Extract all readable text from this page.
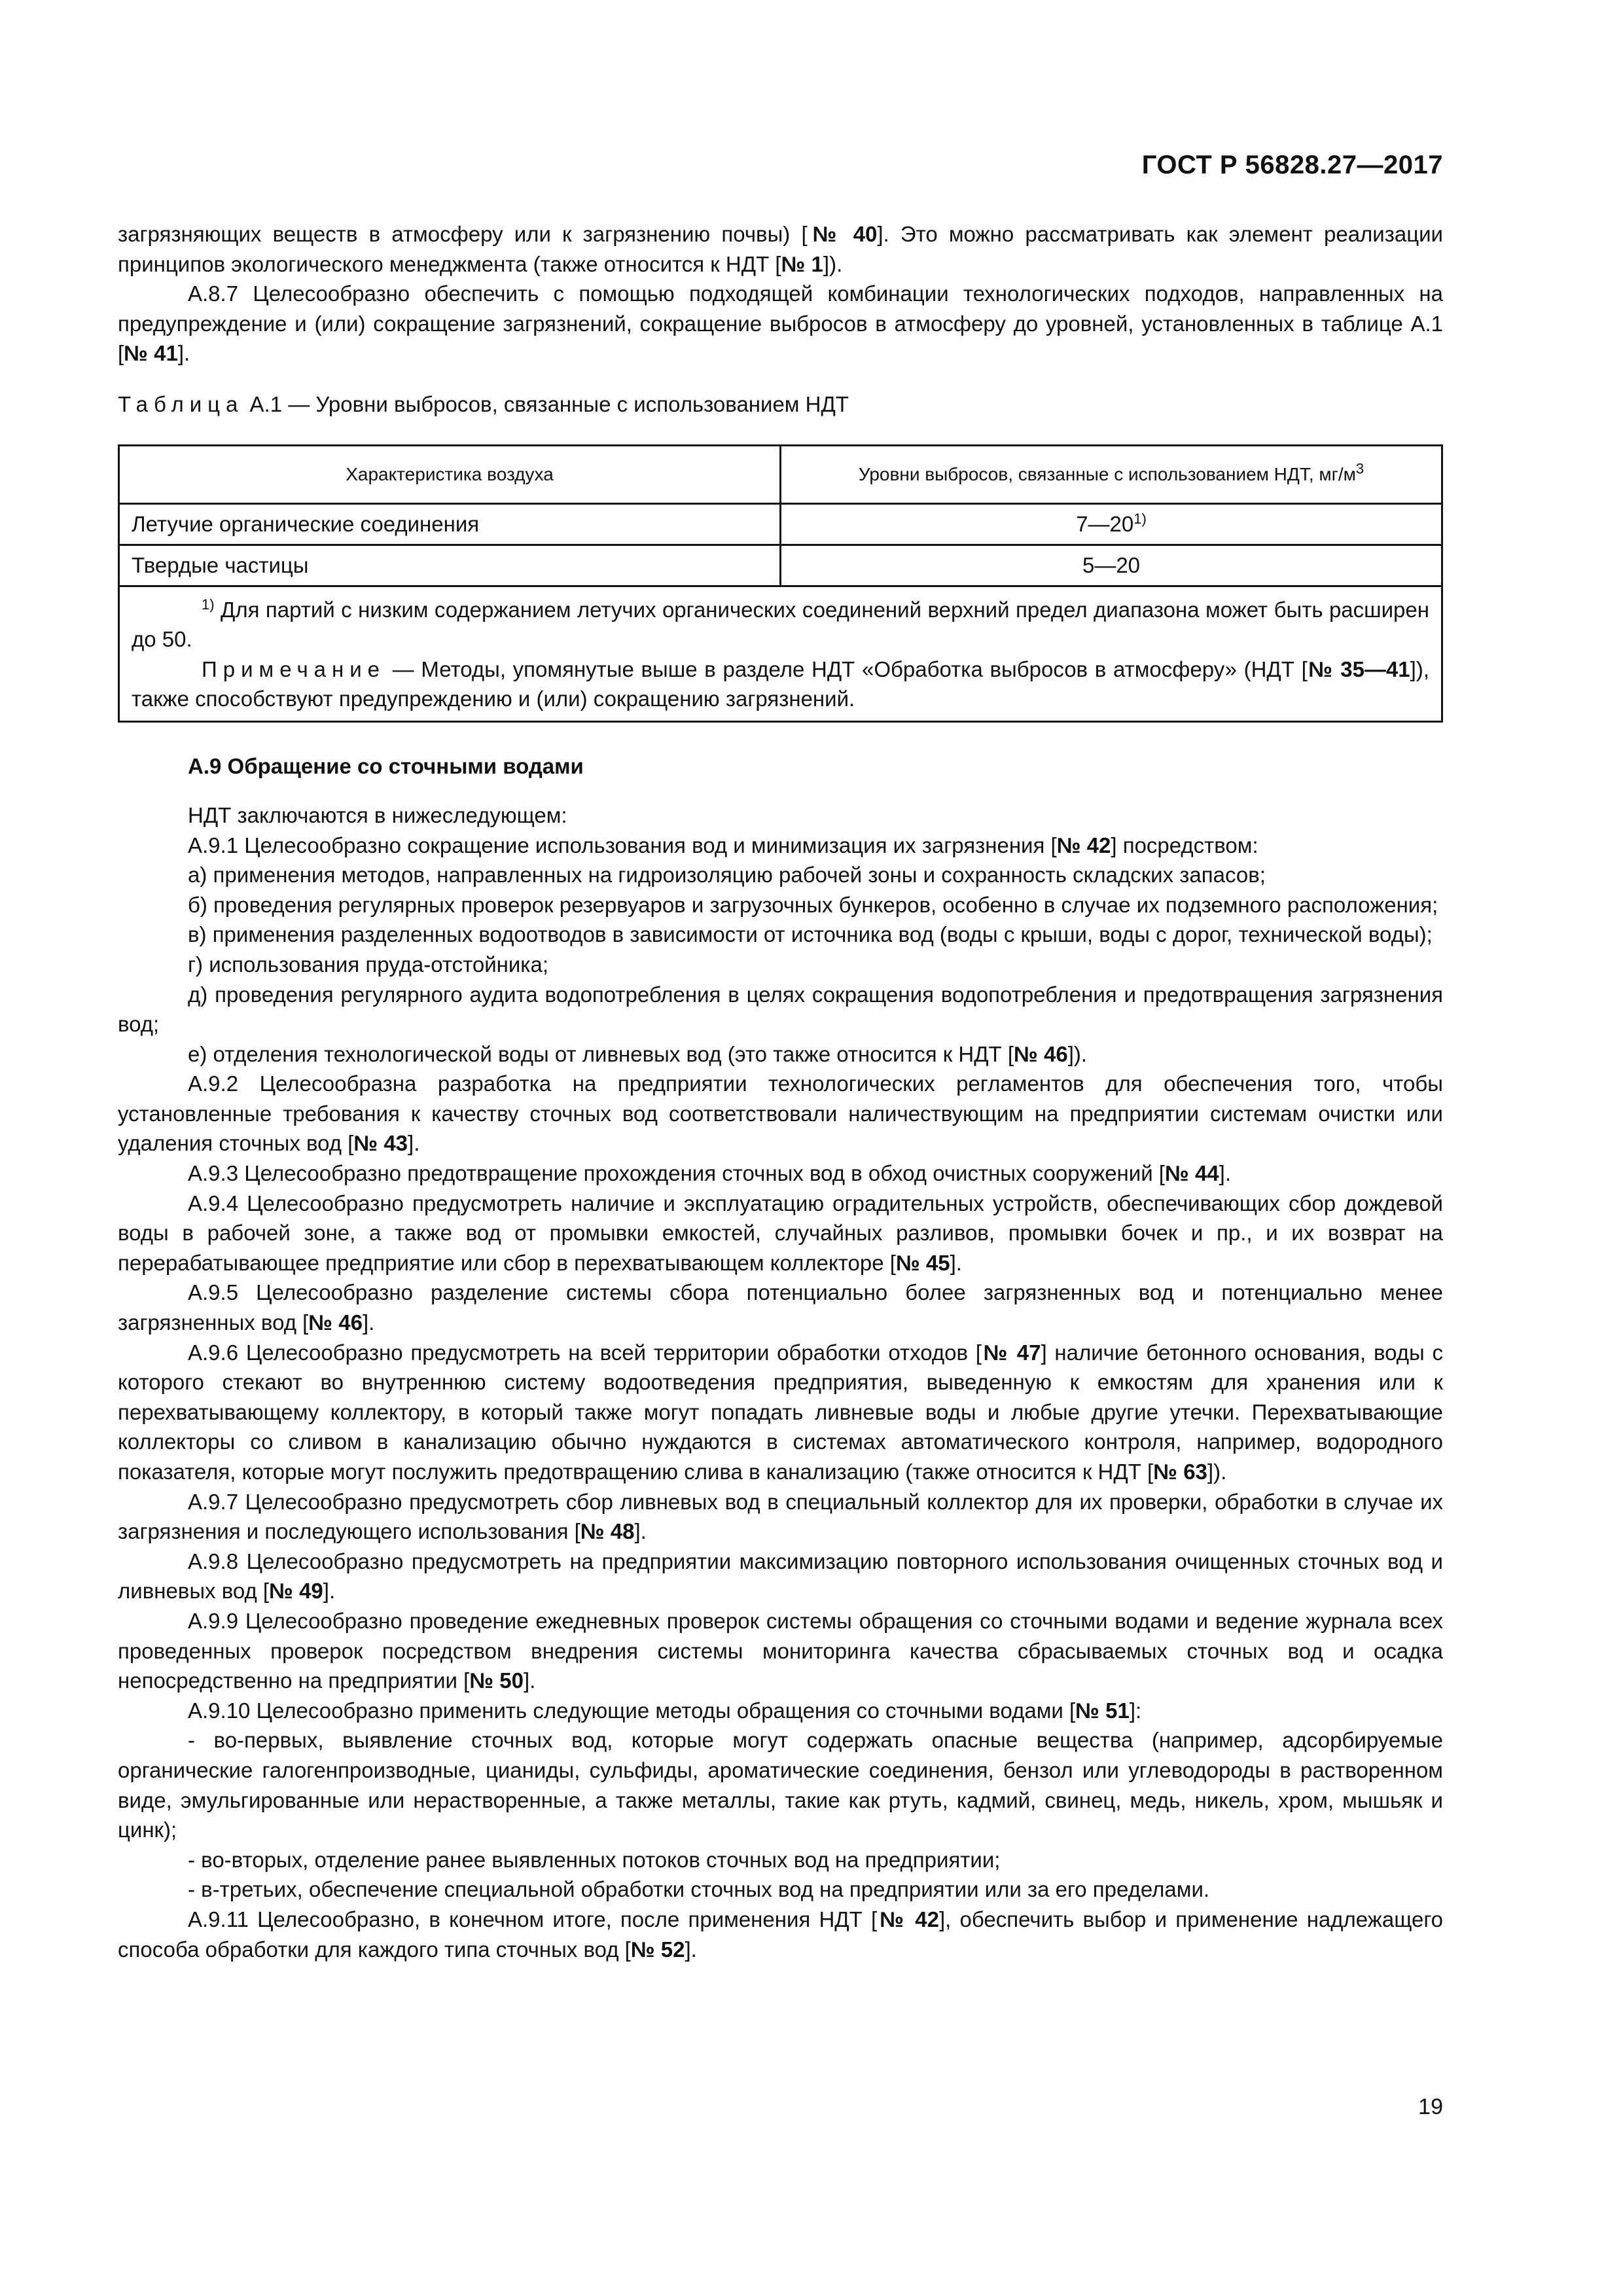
ГОСТ Р 56828.27—2017

загрязняющих веществ в атмосферу или к загрязнению почвы) [№ 40]. Это можно рассматривать как элемент реализации принципов экологического менеджмента (также относится к НДТ [№ 1]).

А.8.7 Целесообразно обеспечить с помощью подходящей комбинации технологических подходов, направленных на предупреждение и (или) сокращение загрязнений, сокращение выбросов в атмосферу до уровней, установленных в таблице А.1 [№ 41].

Таблица А.1 — Уровни выбросов, связанные с использованием НДТ

Характеристика воздуха	Уровни выбросов, связанные с использованием НДТ, $мг/м^3$
Летучие органические соединения	7—20$^{1)}$
Твердые частицы	5—20

$^{1)}$ Для партий с низким содержанием летучих органических соединений верхний предел диапазона может быть расширен до 50.

Примечание — Методы, упомянутые выше в разделе НДТ «Обработка выбросов в атмосферу» (НДТ [№ 35—41]), также способствуют предупреждению и (или) сокращению загрязнений.	

А.9 Обращение со сточными водами

НДТ заключаются в нижеследующем:

А.9.1 Целесообразно сокращение использования вод и минимизация их загрязнения [№ 42] посредством:

а) применения методов, направленных на гидроизоляцию рабочей зоны и сохранность складских запасов;

б) проведения регулярных проверок резервуаров и загрузочных бункеров, особенно в случае их подземного расположения;

в) применения разделенных водоотводов в зависимости от источника вод (воды с крыши, воды с дорог, технической воды);

г) использования пруда-отстойника;

д) проведения регулярного аудита водопотребления в целях сокращения водопотребления и предотвращения загрязнения вод;

е) отделения технологической воды от ливневых вод (это также относится к НДТ [№ 46]).

А.9.2 Целесообразна разработка на предприятии технологических регламентов для обеспечения того, чтобы установленные требования к качеству сточных вод соответствовали наличествующим на предприятии системам очистки или удаления сточных вод [№ 43].

А.9.3 Целесообразно предотвращение прохождения сточных вод в обход очистных сооружений [№ 44].

А.9.4 Целесообразно предусмотреть наличие и эксплуатацию оградительных устройств, обеспечивающих сбор дождевой воды в рабочей зоне, а также вод от промывки емкостей, случайных разливов, промывки бочек и пр., и их возврат на перерабатывающее предприятие или сбор в перехватывающем коллекторе [№ 45].

А.9.5 Целесообразно разделение системы сбора потенциально более загрязненных вод и потенциально менее загрязненных вод [№ 46].

А.9.6 Целесообразно предусмотреть на всей территории обработки отходов [№ 47] наличие бетонного основания, воды с которого стекают во внутреннюю систему водоотведения предприятия, выведенную к емкостям для хранения или к перехватывающему коллектору, в который также могут попадать ливневые воды и любые другие утечки. Перехватывающие коллекторы со сливом в канализацию обычно нуждаются в системах автоматического контроля, например, водородного показателя, которые могут послужить предотвращению слива в канализацию (также относится к НДТ [№ 63]).

А.9.7 Целесообразно предусмотреть сбор ливневых вод в специальный коллектор для их проверки, обработки в случае их загрязнения и последующего использования [№ 48].

А.9.8 Целесообразно предусмотреть на предприятии максимизацию повторного использования очищенных сточных вод и ливневых вод [№ 49].

А.9.9 Целесообразно проведение ежедневных проверок системы обращения со сточными водами и ведение журнала всех проведенных проверок посредством внедрения системы мониторинга качества сбрасываемых сточных вод и осадка непосредственно на предприятии [№ 50].

А.9.10 Целесообразно применить следующие методы обращения со сточными водами [№ 51]:

- во-первых, выявление сточных вод, которые могут содержать опасные вещества (например, адсорбируемые органические галогенпроизводные, цианиды, сульфиды, ароматические соединения, бензол или углеводороды в растворенном виде, эмульгированные или нерастворенные, а также металлы, такие как ртуть, кадмий, свинец, медь, никель, хром, мышьяк и цинк);

- во-вторых, отделение ранее выявленных потоков сточных вод на предприятии;

- в-третьих, обеспечение специальной обработки сточных вод на предприятии или за его пределами.

А.9.11 Целесообразно, в конечном итоге, после применения НДТ [№ 42], обеспечить выбор и применение надлежащего способа обработки для каждого типа сточных вод [№ 52].

19
